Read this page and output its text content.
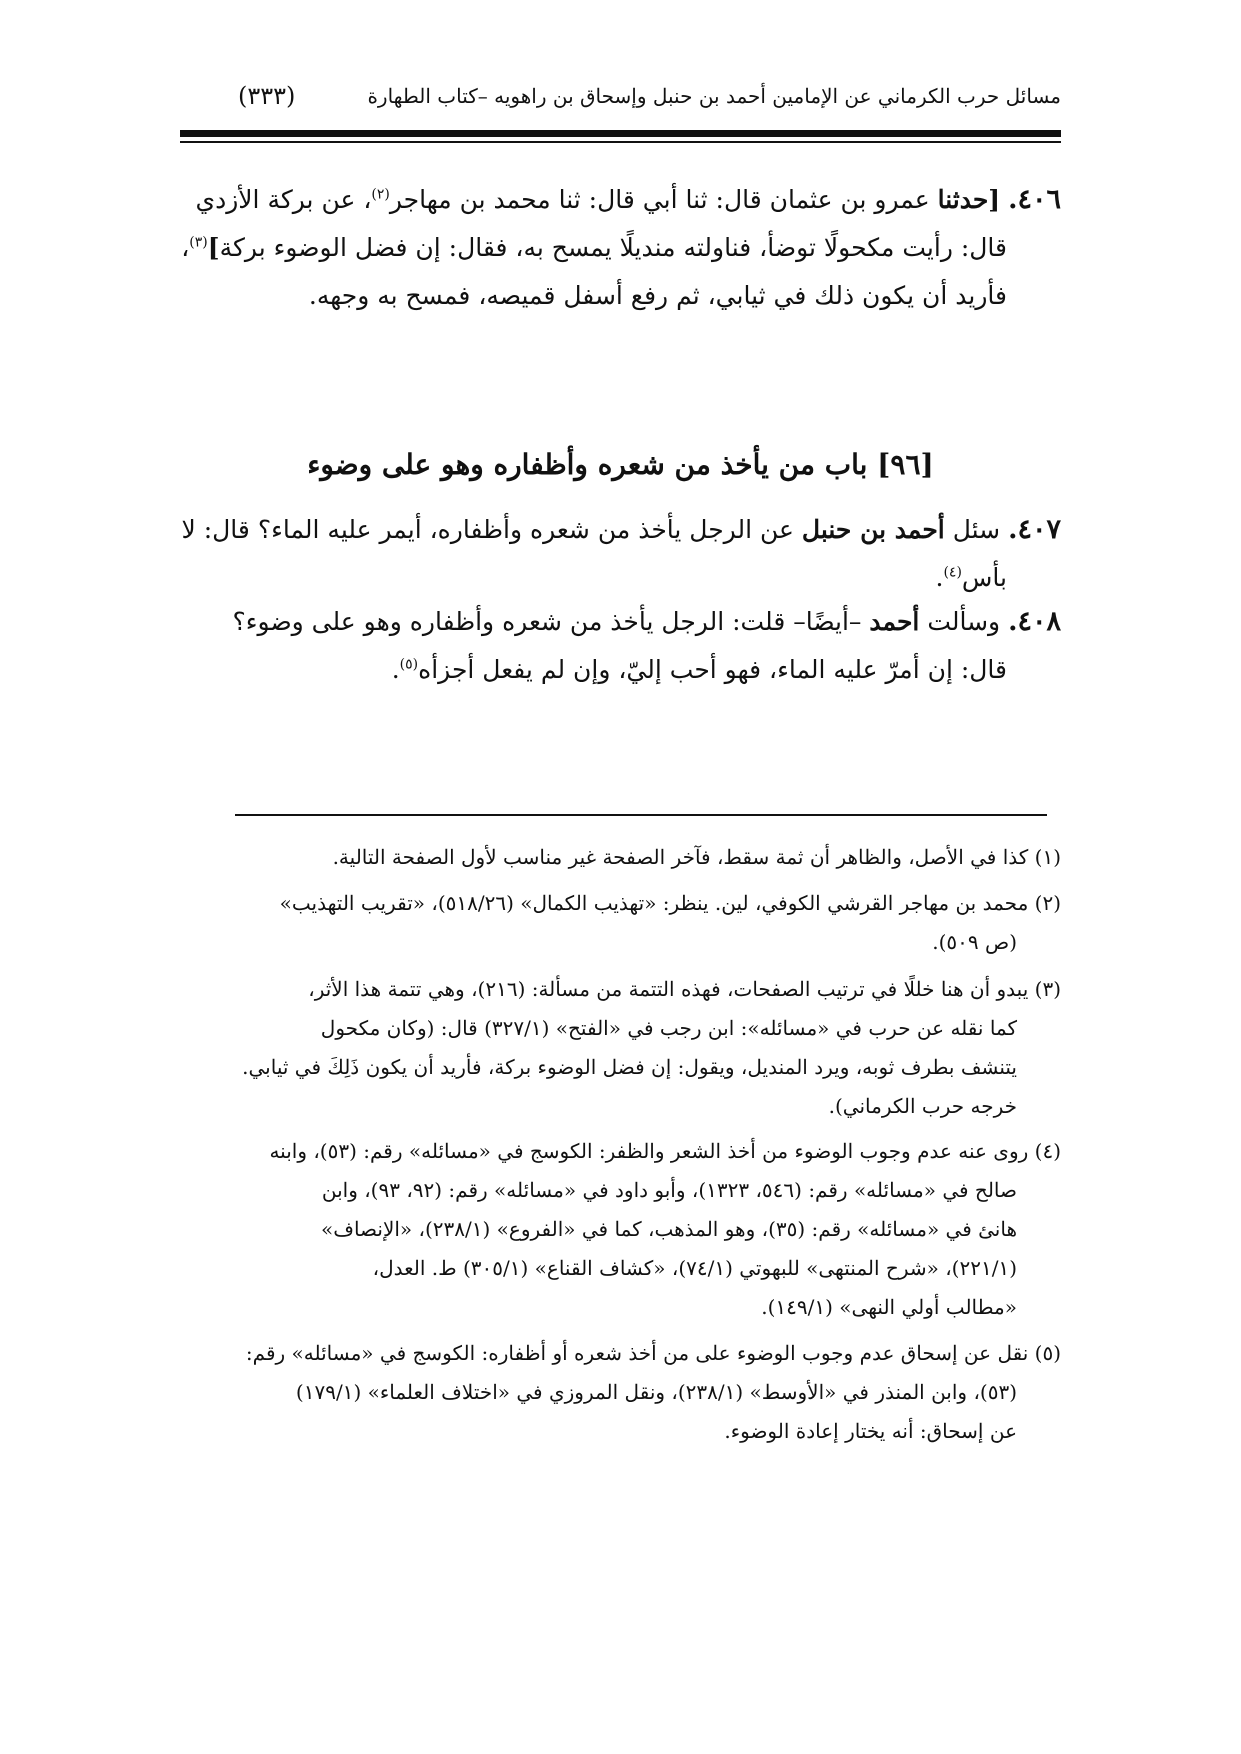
مسائل حرب الكرماني عن الإمامين أحمد بن حنبل وإسحاق بن راهويه –كتاب الطهارة
(٣٣٣)
٤٠٦. [حدثنا عمرو بن عثمان قال: ثنا أبي قال: ثنا محمد بن مهاجر$^{(٢)}$، عن بركة الأزدي
قال: رأيت مكحولًا توضأ، فناولته منديلًا يمسح به، فقال: إن فضل الوضوء بركة]$^{(٣)}$،
فأريد أن يكون ذلك في ثيابي، ثم رفع أسفل قميصه، فمسح به وجهه.
[٩٦] باب من يأخذ من شعره وأظفاره وهو على وضوء
٤٠٧. سئل أحمد بن حنبل عن الرجل يأخذ من شعره وأظفاره، أيمر عليه الماء؟ قال: لا
بأس$^{(٤)}$.
٤٠٨. وسألت أحمد –أيضًا– قلت: الرجل يأخذ من شعره وأظفاره وهو على وضوء؟
قال: إن أمرّ عليه الماء، فهو أحب إليّ، وإن لم يفعل أجزأه$^{(٥)}$.
(١) كذا في الأصل، والظاهر أن ثمة سقط، فآخر الصفحة غير مناسب لأول الصفحة التالية.
(٢) محمد بن مهاجر القرشي الكوفي، لين. ينظر: «تهذيب الكمال» (٥١٨/٢٦)، «تقريب التهذيب»
(ص ٥٠٩).
(٣) يبدو أن هنا خللًا في ترتيب الصفحات، فهذه التتمة من مسألة: (٢١٦)، وهي تتمة هذا الأثر،
كما نقله عن حرب في «مسائله»: ابن رجب في «الفتح» (٣٢٧/١) قال: (وكان مكحول
يتنشف بطرف ثوبه، ويرد المنديل، ويقول: إن فضل الوضوء بركة، فأريد أن يكون ذَلِكَ في ثيابي.
خرجه حرب الكرماني).
(٤) روى عنه عدم وجوب الوضوء من أخذ الشعر والظفر: الكوسج في «مسائله» رقم: (٥٣)، وابنه
صالح في «مسائله» رقم: (٥٤٦، ١٣٢٣)، وأبو داود في «مسائله» رقم: (٩٢، ٩٣)، وابن
هانئ في «مسائله» رقم: (٣٥)، وهو المذهب، كما في «الفروع» (٢٣٨/١)، «الإنصاف»
(٢٢١/١)، «شرح المنتهى» للبهوتي (٧٤/١)، «كشاف القناع» (٣٠٥/١) ط. العدل،
«مطالب أولي النهى» (١٤٩/١).
(٥) نقل عن إسحاق عدم وجوب الوضوء على من أخذ شعره أو أظفاره: الكوسج في «مسائله» رقم:
(٥٣)، وابن المنذر في «الأوسط» (٢٣٨/١)، ونقل المروزي في «اختلاف العلماء» (١٧٩/١)
عن إسحاق: أنه يختار إعادة الوضوء.
